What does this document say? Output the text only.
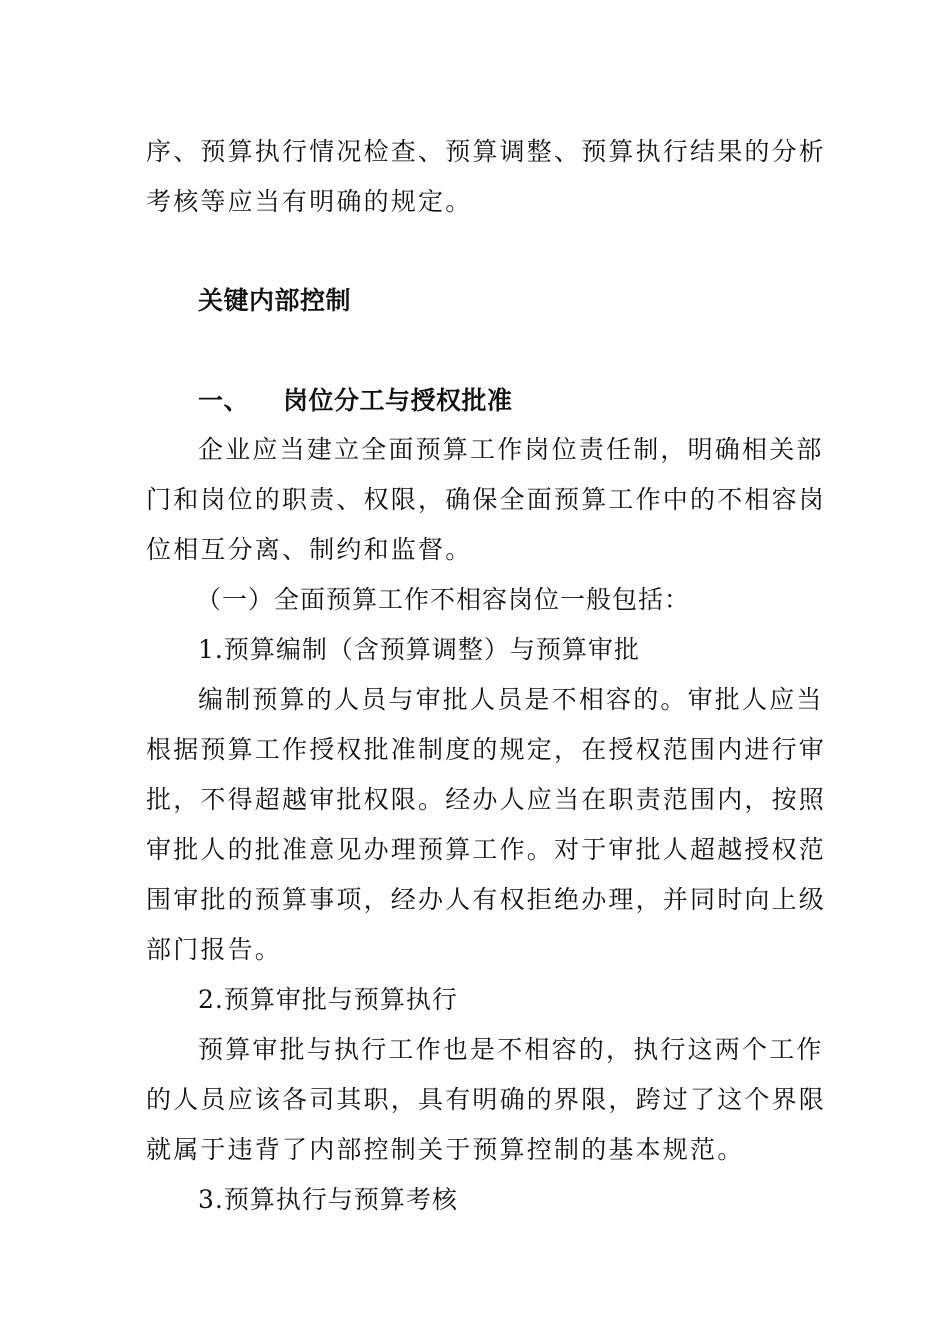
序、预算执行情况检查、预算调整、预算执行结果的分析
考核等应当有明确的规定。
关键内部控制
一、 岗位分工与授权批准
企业应当建立全面预算工作岗位责任制，明确相关部
门和岗位的职责、权限，确保全面预算工作中的不相容岗
位相互分离、制约和监督。
（一）全面预算工作不相容岗位一般包括：
1.预算编制（含预算调整）与预算审批
编制预算的人员与审批人员是不相容的。审批人应当
根据预算工作授权批准制度的规定，在授权范围内进行审
批，不得超越审批权限。经办人应当在职责范围内，按照
审批人的批准意见办理预算工作。对于审批人超越授权范
围审批的预算事项，经办人有权拒绝办理，并同时向上级
部门报告。
2.预算审批与预算执行
预算审批与执行工作也是不相容的，执行这两个工作
的人员应该各司其职，具有明确的界限，跨过了这个界限
就属于违背了内部控制关于预算控制的基本规范。
3.预算执行与预算考核
